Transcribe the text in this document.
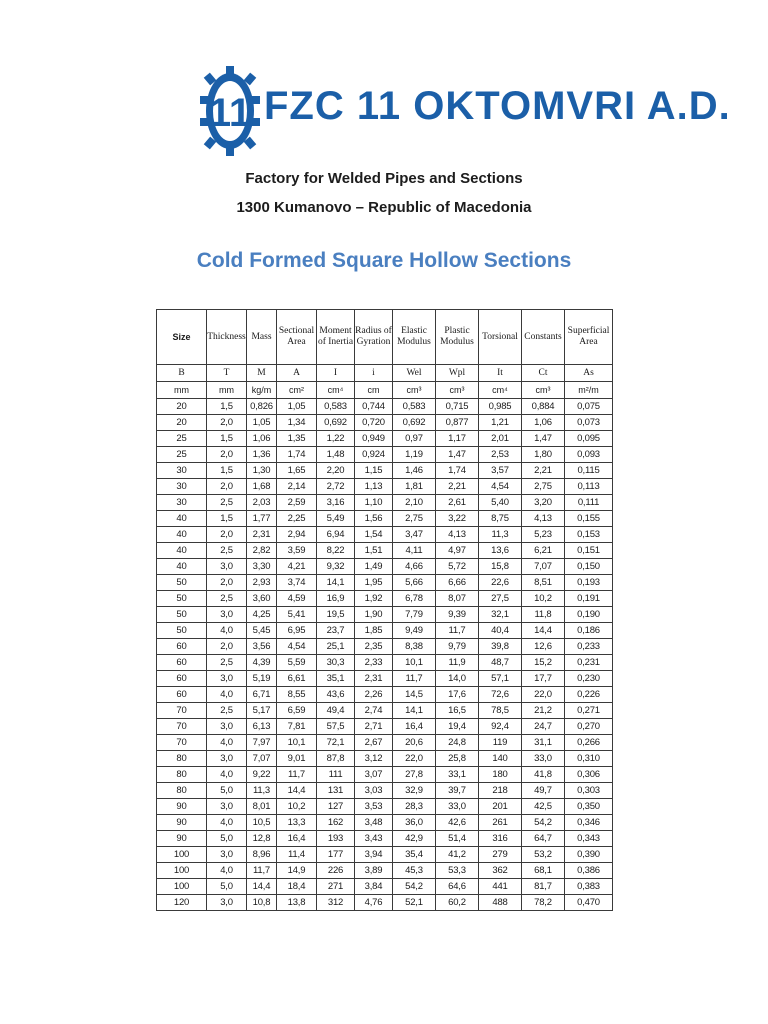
11 FZC 11 OKTOMVRI A.D.
Factory for Welded Pipes and Sections
1300 Kumanovo – Republic of Macedonia
Cold Formed Square Hollow Sections
Size	Thickness	Mass	Sectional Area	Moment of Inertia	Radius of Gyration	Elastic Modulus	Plastic Modulus	Torsional	Constants	Superficial Area
B	T	M	A	I	i	Wel	Wpl	It	Ct	As
mm	mm	kg/m	cm²	cm⁴	cm	cm³	cm³	cm⁴	cm³	m²/m
20	1,5	0,826	1,05	0,583	0,744	0,583	0,715	0,985	0,884	0,075
20	2,0	1,05	1,34	0,692	0,720	0,692	0,877	1,21	1,06	0,073
25	1,5	1,06	1,35	1,22	0,949	0,97	1,17	2,01	1,47	0,095
25	2,0	1,36	1,74	1,48	0,924	1,19	1,47	2,53	1,80	0,093
30	1,5	1,30	1,65	2,20	1,15	1,46	1,74	3,57	2,21	0,115
30	2,0	1,68	2,14	2,72	1,13	1,81	2,21	4,54	2,75	0,113
30	2,5	2,03	2,59	3,16	1,10	2,10	2,61	5,40	3,20	0,111
40	1,5	1,77	2,25	5,49	1,56	2,75	3,22	8,75	4,13	0,155
40	2,0	2,31	2,94	6,94	1,54	3,47	4,13	11,3	5,23	0,153
40	2,5	2,82	3,59	8,22	1,51	4,11	4,97	13,6	6,21	0,151
40	3,0	3,30	4,21	9,32	1,49	4,66	5,72	15,8	7,07	0,150
50	2,0	2,93	3,74	14,1	1,95	5,66	6,66	22,6	8,51	0,193
50	2,5	3,60	4,59	16,9	1,92	6,78	8,07	27,5	10,2	0,191
50	3,0	4,25	5,41	19,5	1,90	7,79	9,39	32,1	11,8	0,190
50	4,0	5,45	6,95	23,7	1,85	9,49	11,7	40,4	14,4	0,186
60	2,0	3,56	4,54	25,1	2,35	8,38	9,79	39,8	12,6	0,233
60	2,5	4,39	5,59	30,3	2,33	10,1	11,9	48,7	15,2	0,231
60	3,0	5,19	6,61	35,1	2,31	11,7	14,0	57,1	17,7	0,230
60	4,0	6,71	8,55	43,6	2,26	14,5	17,6	72,6	22,0	0,226
70	2,5	5,17	6,59	49,4	2,74	14,1	16,5	78,5	21,2	0,271
70	3,0	6,13	7,81	57,5	2,71	16,4	19,4	92,4	24,7	0,270
70	4,0	7,97	10,1	72,1	2,67	20,6	24,8	119	31,1	0,266
80	3,0	7,07	9,01	87,8	3,12	22,0	25,8	140	33,0	0,310
80	4,0	9,22	11,7	111	3,07	27,8	33,1	180	41,8	0,306
80	5,0	11,3	14,4	131	3,03	32,9	39,7	218	49,7	0,303
90	3,0	8,01	10,2	127	3,53	28,3	33,0	201	42,5	0,350
90	4,0	10,5	13,3	162	3,48	36,0	42,6	261	54,2	0,346
90	5,0	12,8	16,4	193	3,43	42,9	51,4	316	64,7	0,343
100	3,0	8,96	11,4	177	3,94	35,4	41,2	279	53,2	0,390
100	4,0	11,7	14,9	226	3,89	45,3	53,3	362	68,1	0,386
100	5,0	14,4	18,4	271	3,84	54,2	64,6	441	81,7	0,383
120	3,0	10,8	13,8	312	4,76	52,1	60,2	488	78,2	0,470
